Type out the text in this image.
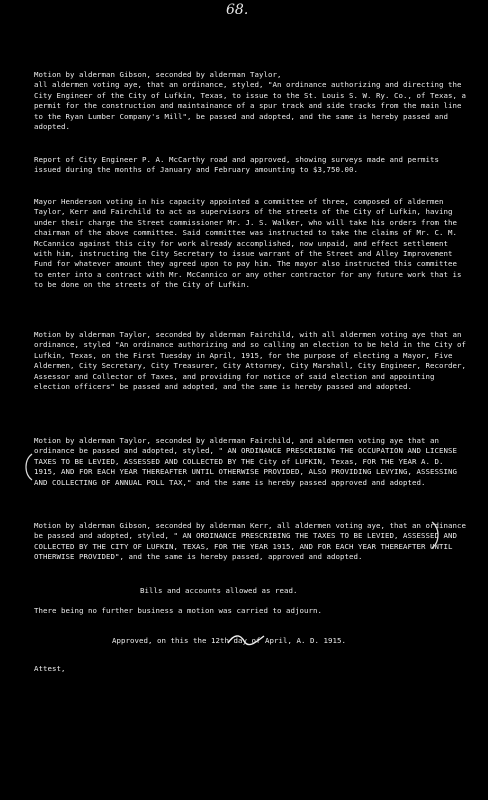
68.
Motion by alderman Gibson, seconded by alderman Taylor,
all aldermen voting aye, that an ordinance, styled, "An ordinance authorizing and directing the City Engineer of the City of Lufkin, Texas, to issue to the St. Louis S. W. Ry. Co., of Texas, a permit for the construction and maintainance of a spur track and side tracks from the main line to the Ryan Lumber Company's Mill", be passed and adopted, and the same is hereby passed and adopted.
Report of City Engineer P. A. McCarthy road and approved, showing surveys made and permits issued during the months of January and February amounting to $3,750.00.
Mayor Henderson voting in his capacity appointed a committee of three, composed of aldermen Taylor, Kerr and Fairchild to act as supervisors of the streets of the City of Lufkin, having under their charge the Street commissioner Mr. J. S. Walker, who will take his orders from the chairman of the above committee. Said committee was instructed to take the claims of Mr. C. M. McCannico against this city for work already accomplished, now unpaid, and effect settlement with him, instructing the City Secretary to issue warrant of the Street and Alley Improvement Fund for whatever amount they agreed upon to pay him. The mayor also instructed this committee to enter into a contract with Mr. McCannico or any other contractor for any future work that is to be done on the streets of the City of Lufkin.
Motion by alderman Taylor, seconded by alderman Fairchild, with all aldermen voting aye that an ordinance, styled "An ordinance authorizing and so calling an election to be held in the City of Lufkin, Texas, on the First Tuesday in April, 1915, for the purpose of electing a Mayor, Five Aldermen, City Secretary, City Treasurer, City Attorney, City Marshall, City Engineer, Recorder, Assessor and Collector of Taxes, and providing for notice of said election and appointing election officers" be passed and adopted, and the same is hereby passed and adopted.
Motion by alderman Taylor, seconded by alderman Fairchild, and aldermen voting aye that an ordinance be passed and adopted, styled, " AN ORDINANCE PRESCRIBING THE OCCUPATION AND LICENSE TAXES TO BE LEVIED, ASSESSED AND COLLECTED BY THE City of LUFKIN, Texas, FOR THE YEAR A. D. 1915, AND FOR EACH YEAR THEREAFTER UNTIL OTHERWISE PROVIDED, ALSO PROVIDING LEVYING, ASSESSING AND COLLECTING OF ANNUAL POLL TAX," and the same is hereby passed approved and adopted.
Motion by alderman Gibson, seconded by alderman Kerr, all aldermen voting aye, that an ordinance be passed and adopted, styled, " AN ORDINANCE PRESCRIBING THE TAXES TO BE LEVIED, ASSESSED AND COLLECTED BY THE CITY OF LUFKIN, TEXAS, FOR THE YEAR 1915, AND FOR EACH YEAR THEREAFTER UNTIL OTHERWISE PROVIDED", and the same is hereby passed, approved and adopted.
Bills and accounts allowed as read.
There being no further business a motion was carried to adjourn.
Approved, on this the 12th day of April, A. D. 1915.
Attest,
